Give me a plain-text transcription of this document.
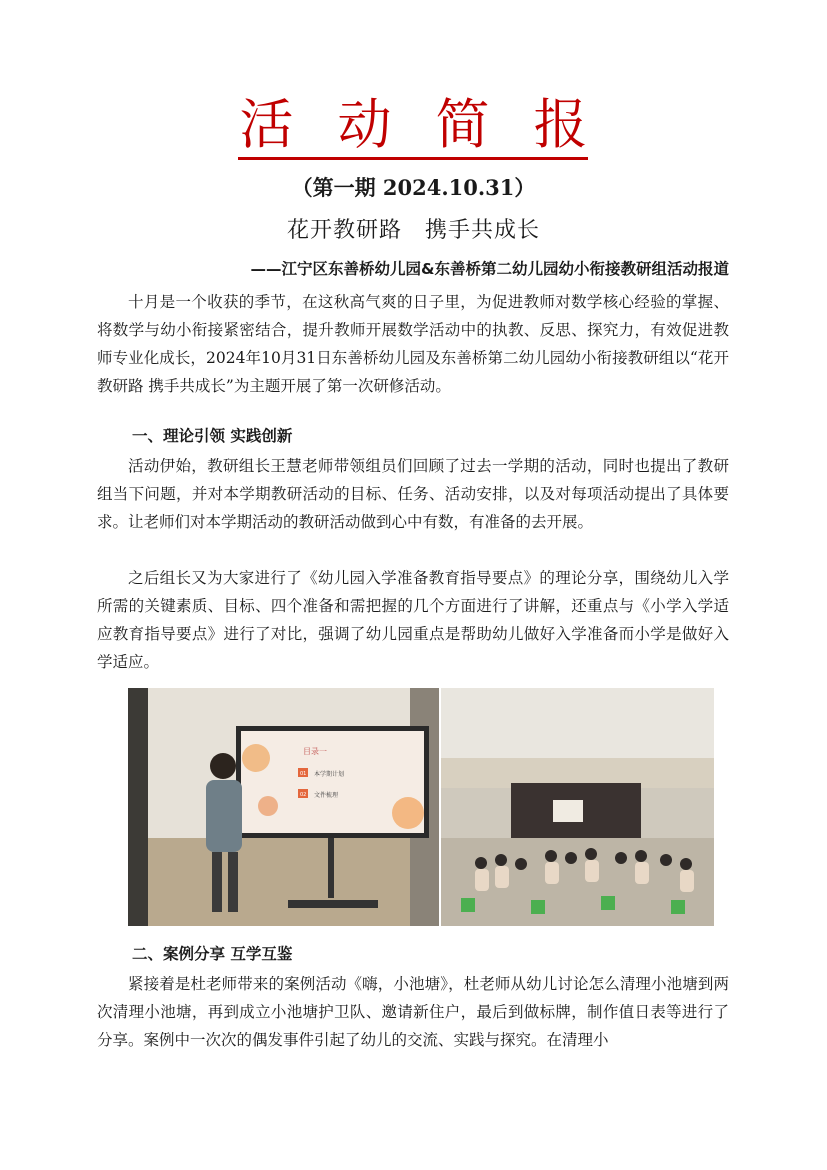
活动简报
（第一期 2024.10.31）
花开教研路　携手共成长
——江宁区东善桥幼儿园&东善桥第二幼儿园幼小衔接教研组活动报道
十月是一个收获的季节，在这秋高气爽的日子里，为促进教师对数学核心经验的掌握、将数学与幼小衔接紧密结合，提升教师开展数学活动中的执教、反思、探究力，有效促进教师专业化成长，2024年10月31日东善桥幼儿园及东善桥第二幼儿园幼小衔接教研组以“花开教研路 携手共成长”为主题开展了第一次研修活动。
一、理论引领 实践创新
活动伊始，教研组长王慧老师带领组员们回顾了过去一学期的活动，同时也提出了教研组当下问题，并对本学期教研活动的目标、任务、活动安排，以及对每项活动提出了具体要求。让老师们对本学期活动的教研活动做到心中有数，有准备的去开展。
之后组长又为大家进行了《幼儿园入学准备教育指导要点》的理论分享，围绕幼儿入学所需的关键素质、目标、四个准备和需把握的几个方面进行了讲解，还重点与《小学入学适应教育指导要点》进行了对比，强调了幼儿园重点是帮助幼儿做好入学准备而小学是做好入学适应。
目录一
01 本学期计划
02 文件梳理
二、案例分享 互学互鉴
紧接着是杜老师带来的案例活动《嗨，小池塘》，杜老师从幼儿讨论怎么清理小池塘到两次清理小池塘，再到成立小池塘护卫队、邀请新住户，最后到做标牌，制作值日表等进行了分享。案例中一次次的偶发事件引起了幼儿的交流、实践与探究。在清理小
